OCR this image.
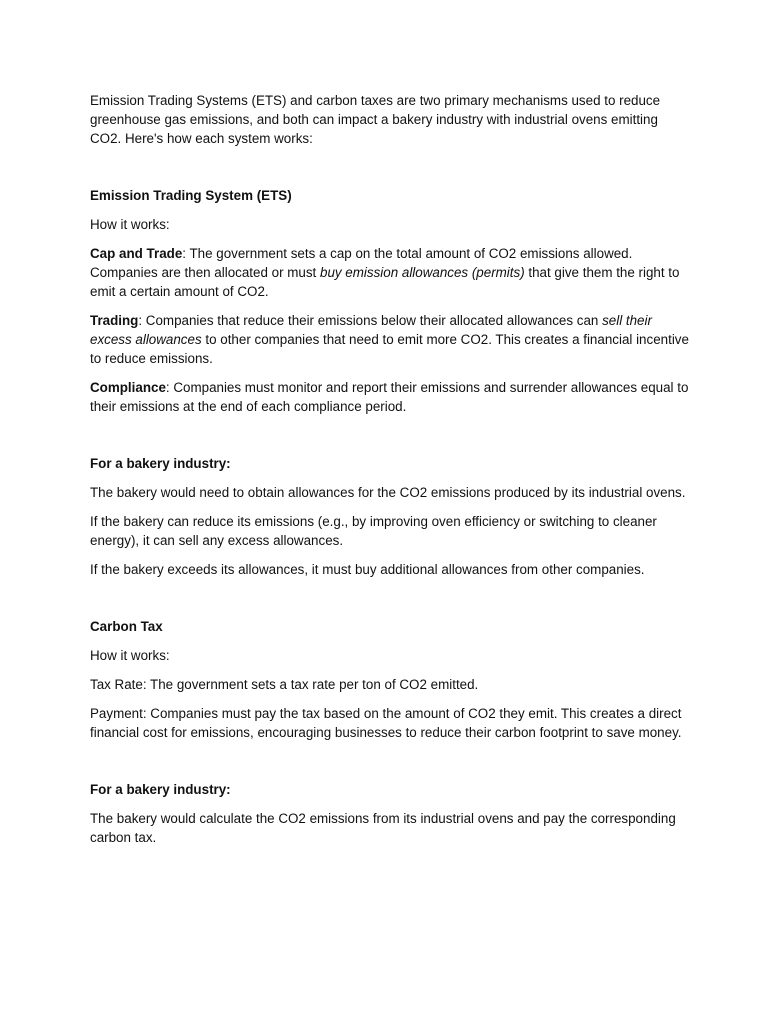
Emission Trading Systems (ETS) and carbon taxes are two primary mechanisms used to reduce greenhouse gas emissions, and both can impact a bakery industry with industrial ovens emitting CO2. Here's how each system works:

Emission Trading System (ETS)

How it works:

Cap and Trade: The government sets a cap on the total amount of CO2 emissions allowed. Companies are then allocated or must buy emission allowances (permits) that give them the right to emit a certain amount of CO2.

Trading: Companies that reduce their emissions below their allocated allowances can sell their excess allowances to other companies that need to emit more CO2. This creates a financial incentive to reduce emissions.

Compliance: Companies must monitor and report their emissions and surrender allowances equal to their emissions at the end of each compliance period.

For a bakery industry:

The bakery would need to obtain allowances for the CO2 emissions produced by its industrial ovens.

If the bakery can reduce its emissions (e.g., by improving oven efficiency or switching to cleaner energy), it can sell any excess allowances.

If the bakery exceeds its allowances, it must buy additional allowances from other companies.

Carbon Tax

How it works:

Tax Rate: The government sets a tax rate per ton of CO2 emitted.

Payment: Companies must pay the tax based on the amount of CO2 they emit. This creates a direct financial cost for emissions, encouraging businesses to reduce their carbon footprint to save money.

For a bakery industry:

The bakery would calculate the CO2 emissions from its industrial ovens and pay the corresponding carbon tax.
